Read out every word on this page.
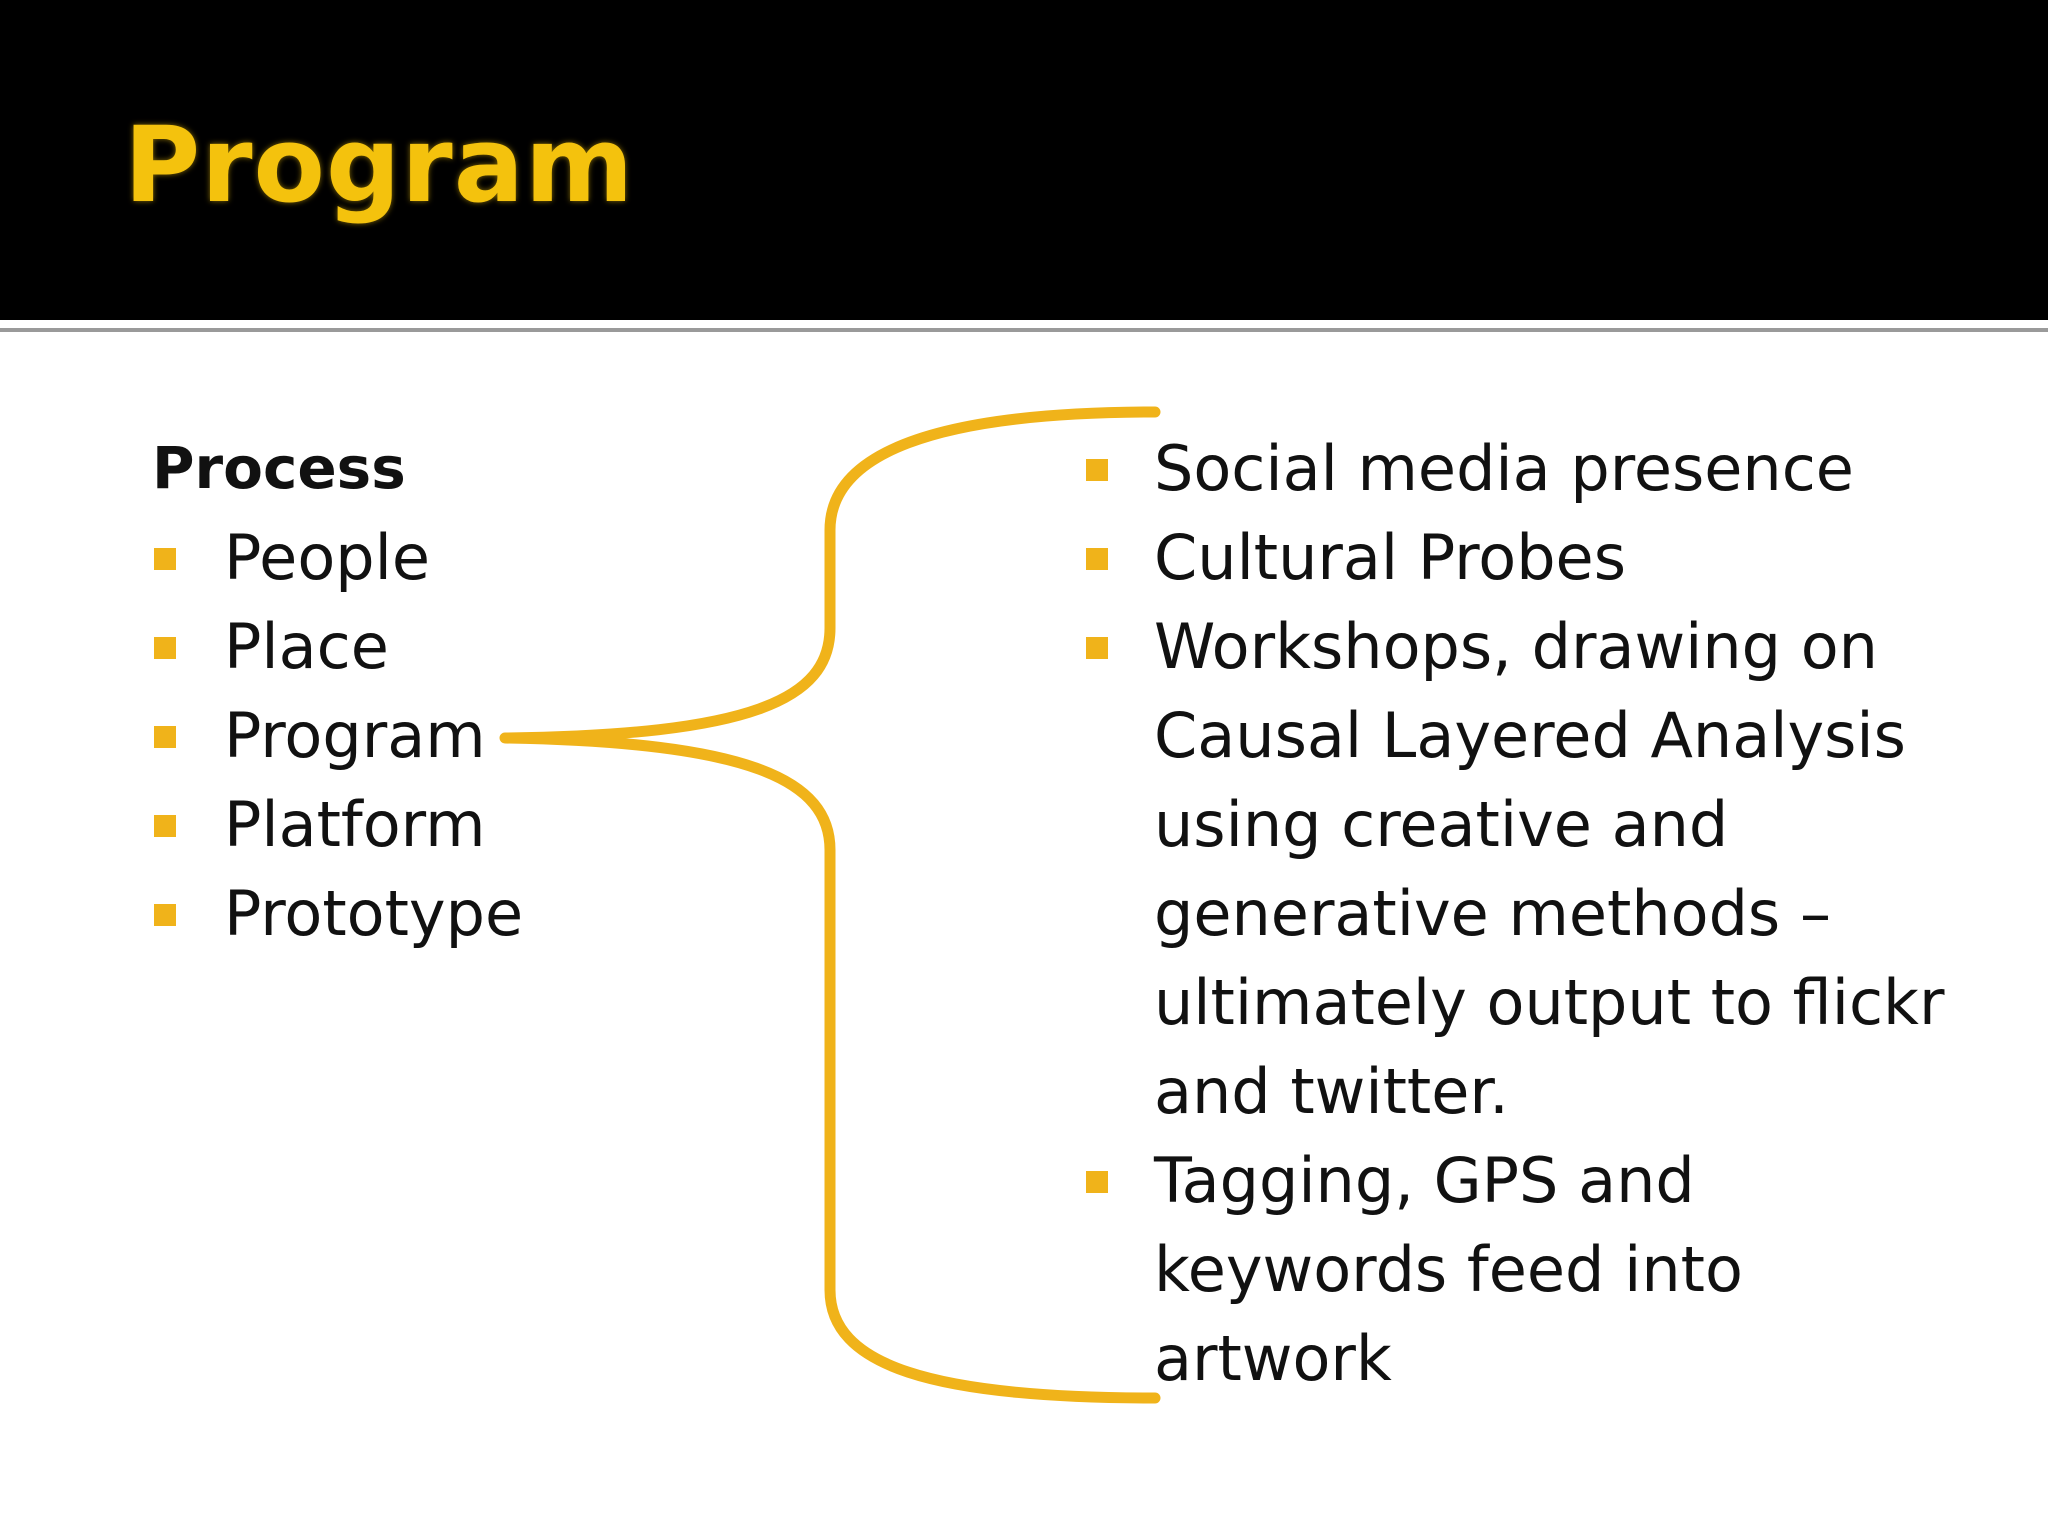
Program
Process
People
Place
Program
Platform
Prototype
Social media presence
Cultural Probes
Workshops, drawing on Causal Layered Analysis using creative and generative methods – ultimately output to flickr and twitter.
Tagging, GPS and keywords feed into artwork
